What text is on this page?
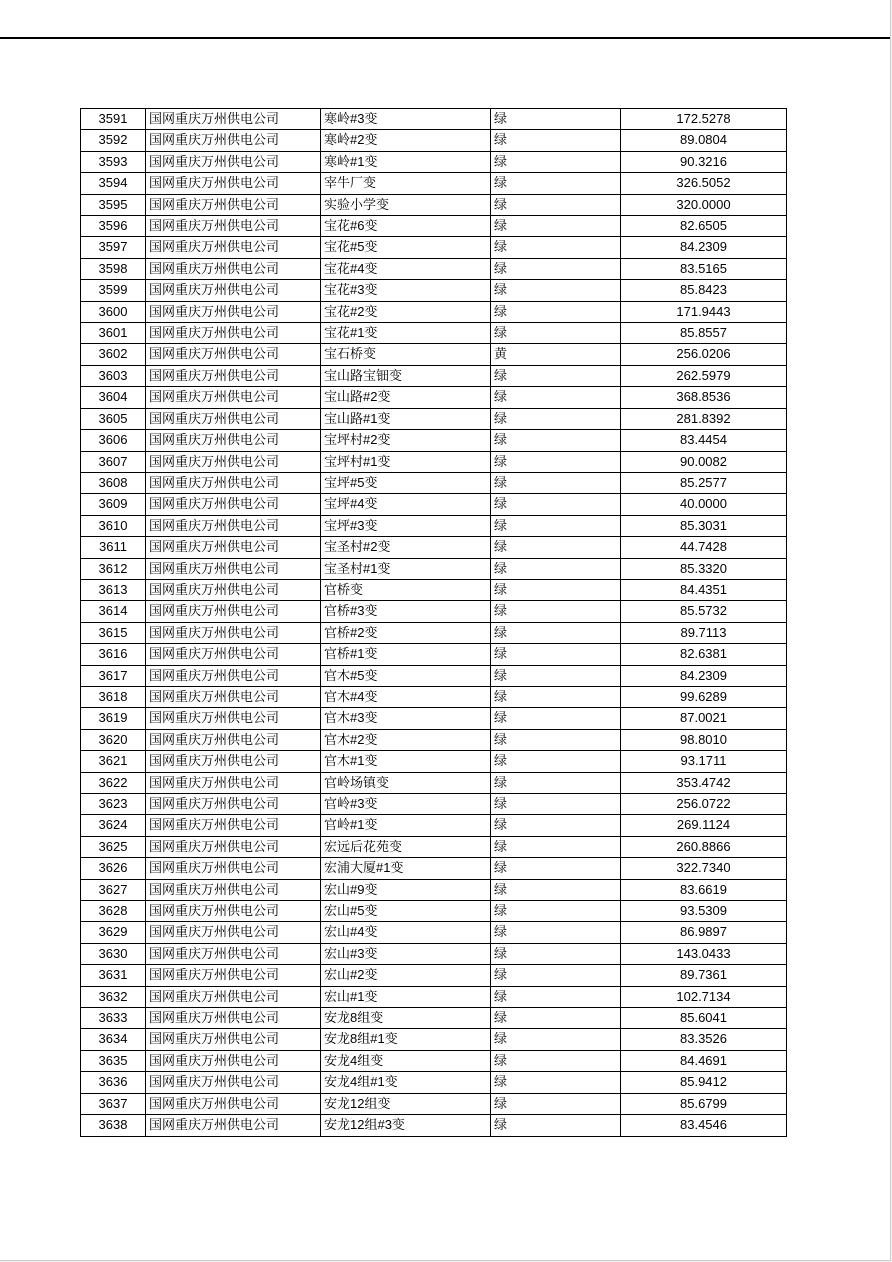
3591	国网重庆万州供电公司	寒岭#3变	绿	172.5278
3592	国网重庆万州供电公司	寒岭#2变	绿	89.0804
3593	国网重庆万州供电公司	寒岭#1变	绿	90.3216
3594	国网重庆万州供电公司	宰牛厂变	绿	326.5052
3595	国网重庆万州供电公司	实验小学变	绿	320.0000
3596	国网重庆万州供电公司	宝花#6变	绿	82.6505
3597	国网重庆万州供电公司	宝花#5变	绿	84.2309
3598	国网重庆万州供电公司	宝花#4变	绿	83.5165
3599	国网重庆万州供电公司	宝花#3变	绿	85.8423
3600	国网重庆万州供电公司	宝花#2变	绿	171.9443
3601	国网重庆万州供电公司	宝花#1变	绿	85.8557
3602	国网重庆万州供电公司	宝石桥变	黄	256.0206
3603	国网重庆万州供电公司	宝山路宝钿变	绿	262.5979
3604	国网重庆万州供电公司	宝山路#2变	绿	368.8536
3605	国网重庆万州供电公司	宝山路#1变	绿	281.8392
3606	国网重庆万州供电公司	宝坪村#2变	绿	83.4454
3607	国网重庆万州供电公司	宝坪村#1变	绿	90.0082
3608	国网重庆万州供电公司	宝坪#5变	绿	85.2577
3609	国网重庆万州供电公司	宝坪#4变	绿	40.0000
3610	国网重庆万州供电公司	宝坪#3变	绿	85.3031
3611	国网重庆万州供电公司	宝圣村#2变	绿	44.7428
3612	国网重庆万州供电公司	宝圣村#1变	绿	85.3320
3613	国网重庆万州供电公司	官桥变	绿	84.4351
3614	国网重庆万州供电公司	官桥#3变	绿	85.5732
3615	国网重庆万州供电公司	官桥#2变	绿	89.7113
3616	国网重庆万州供电公司	官桥#1变	绿	82.6381
3617	国网重庆万州供电公司	官木#5变	绿	84.2309
3618	国网重庆万州供电公司	官木#4变	绿	99.6289
3619	国网重庆万州供电公司	官木#3变	绿	87.0021
3620	国网重庆万州供电公司	官木#2变	绿	98.8010
3621	国网重庆万州供电公司	官木#1变	绿	93.1711
3622	国网重庆万州供电公司	官岭场镇变	绿	353.4742
3623	国网重庆万州供电公司	官岭#3变	绿	256.0722
3624	国网重庆万州供电公司	官岭#1变	绿	269.1124
3625	国网重庆万州供电公司	宏远后花苑变	绿	260.8866
3626	国网重庆万州供电公司	宏浦大厦#1变	绿	322.7340
3627	国网重庆万州供电公司	宏山#9变	绿	83.6619
3628	国网重庆万州供电公司	宏山#5变	绿	93.5309
3629	国网重庆万州供电公司	宏山#4变	绿	86.9897
3630	国网重庆万州供电公司	宏山#3变	绿	143.0433
3631	国网重庆万州供电公司	宏山#2变	绿	89.7361
3632	国网重庆万州供电公司	宏山#1变	绿	102.7134
3633	国网重庆万州供电公司	安龙8组变	绿	85.6041
3634	国网重庆万州供电公司	安龙8组#1变	绿	83.3526
3635	国网重庆万州供电公司	安龙4组变	绿	84.4691
3636	国网重庆万州供电公司	安龙4组#1变	绿	85.9412
3637	国网重庆万州供电公司	安龙12组变	绿	85.6799
3638	国网重庆万州供电公司	安龙12组#3变	绿	83.4546
